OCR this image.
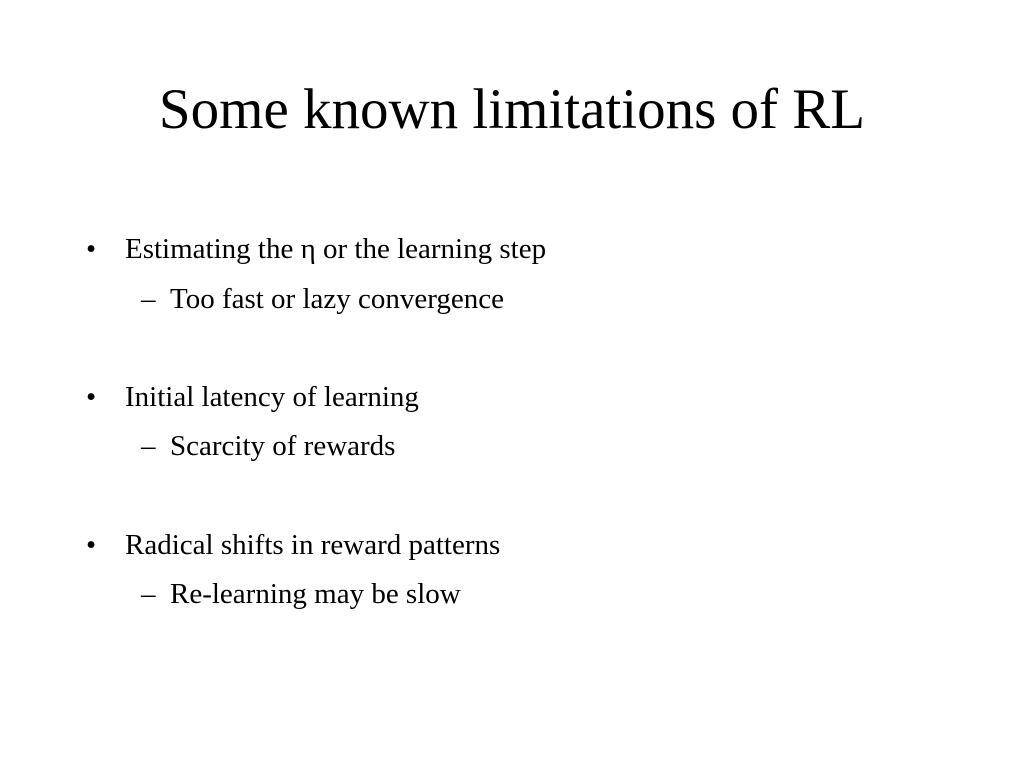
Some known limitations of RL
• Estimating the η or the learning step
– Too fast or lazy convergence
• Initial latency of learning
– Scarcity of rewards
• Radical shifts in reward patterns
– Re-learning may be slow
